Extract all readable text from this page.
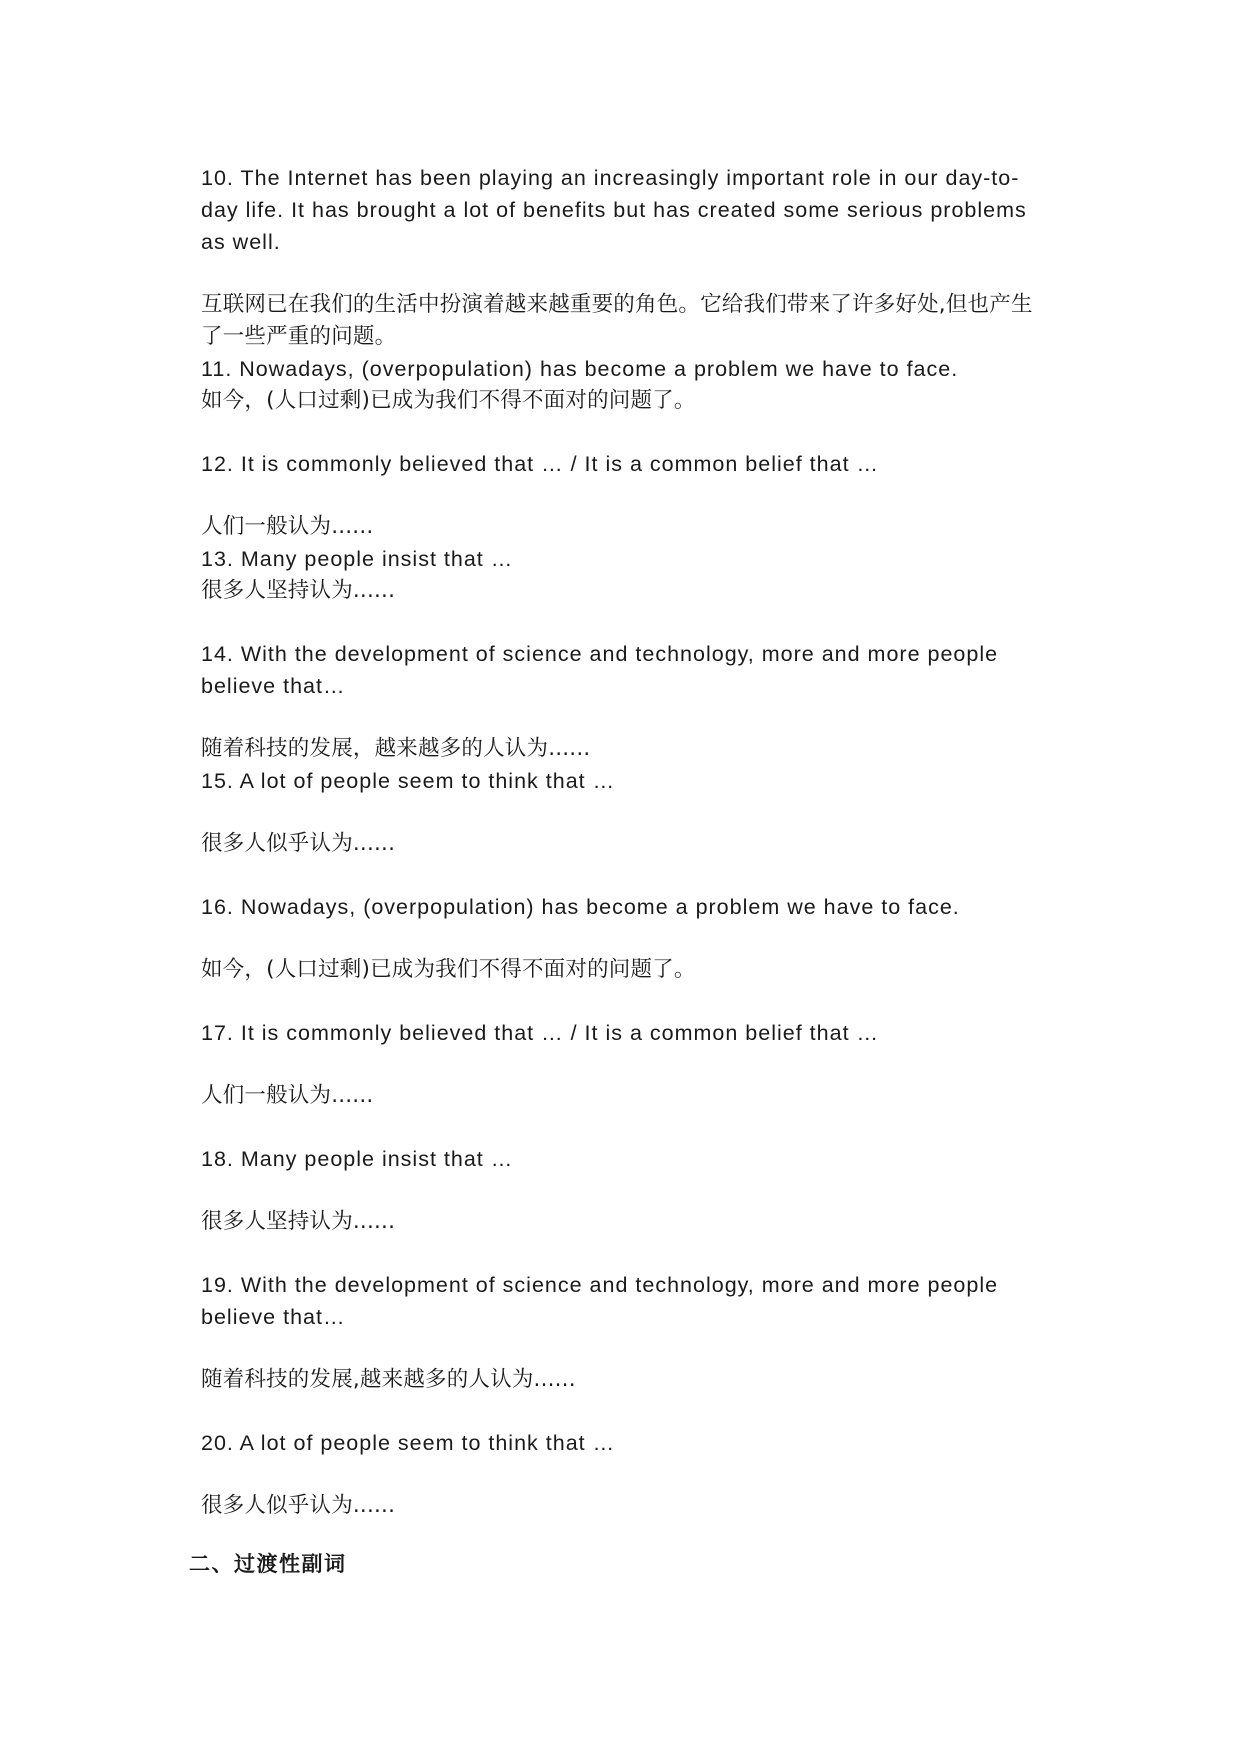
10. The Internet has been playing an increasingly important role in our day-to-day life. It has brought a lot of benefits but has created some serious problems as well.
互联网已在我们的生活中扮演着越来越重要的角色。它给我们带来了许多好处,但也产生了一些严重的问题。
11. Nowadays, (overpopulation) has become a problem we have to face.
如今，(人口过剩)已成为我们不得不面对的问题了。
12. It is commonly believed that … / It is a common belief that …
人们一般认为......
13. Many people insist that …
很多人坚持认为......
14. With the development of science and technology, more and more people believe that…
随着科技的发展，越来越多的人认为......
15. A lot of people seem to think that …
很多人似乎认为......
16. Nowadays, (overpopulation) has become a problem we have to face.
如今，(人口过剩)已成为我们不得不面对的问题了。
17. It is commonly believed that … / It is a common belief that …
人们一般认为......
18. Many people insist that …
很多人坚持认为......
19. With the development of science and technology, more and more people believe that…
随着科技的发展,越来越多的人认为......
20. A lot of people seem to think that …
很多人似乎认为......
二、过渡性副词
